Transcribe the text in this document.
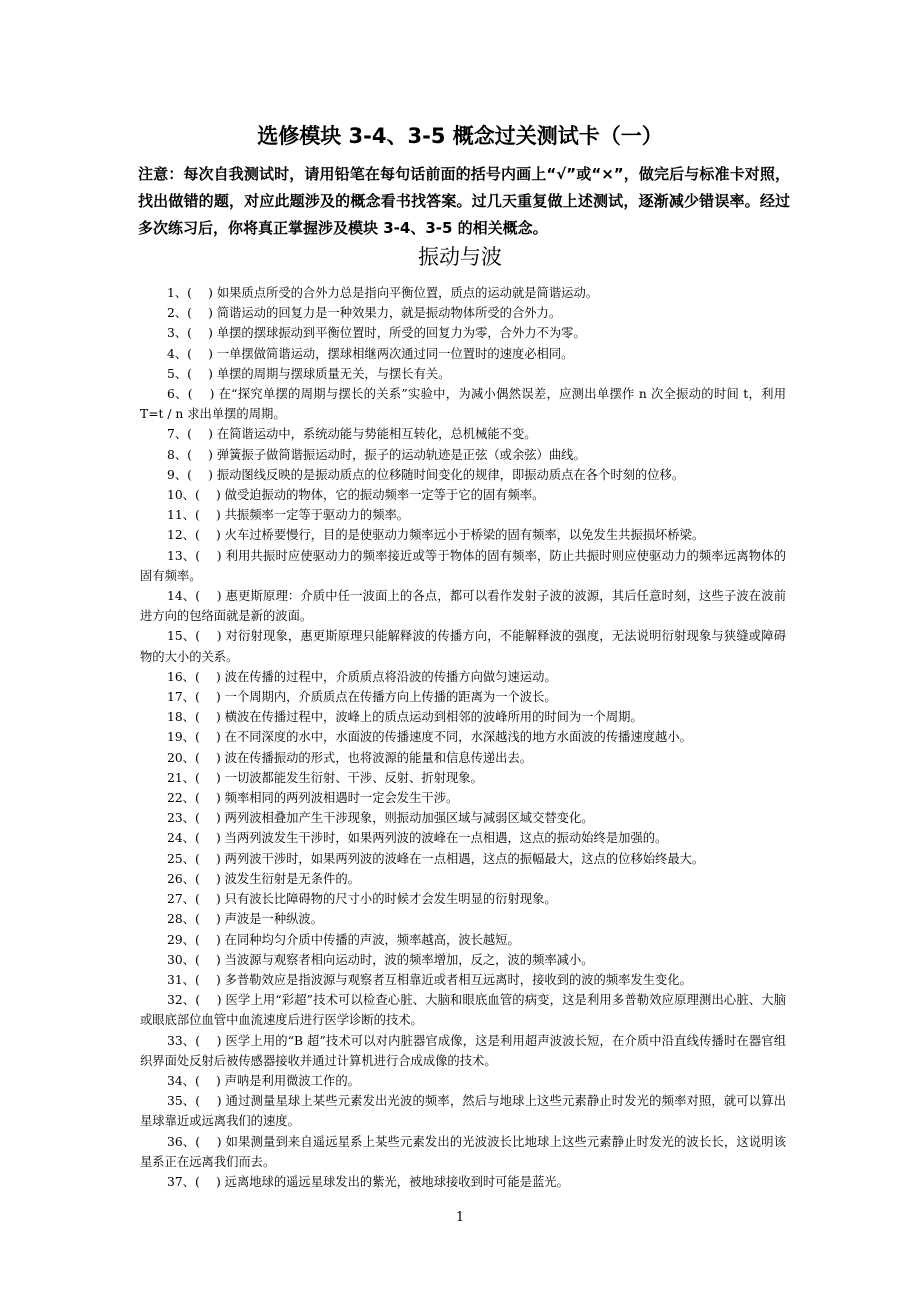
选修模块 3-4、3-5 概念过关测试卡（一）
注意：每次自我测试时，请用铅笔在每句话前面的括号内画上“√”或“×”，做完后与标准卡对照，找出做错的题，对应此题涉及的概念看书找答案。过几天重复做上述测试，逐渐减少错误率。经过多次练习后，你将真正掌握涉及模块 3-4、3-5 的相关概念。
振动与波

1、(　 ) 如果质点所受的合外力总是指向平衡位置，质点的运动就是简谐运动。

2、(　 ) 简谐运动的回复力是一种效果力，就是振动物体所受的合外力。

3、(　 ) 单摆的摆球振动到平衡位置时，所受的回复力为零，合外力不为零。

4、(　 ) 一单摆做简谐运动，摆球相继两次通过同一位置时的速度必相同。

5、(　 ) 单摆的周期与摆球质量无关，与摆长有关。

6、(　 ) 在“探究单摆的周期与摆长的关系”实验中，为减小偶然误差，应测出单摆作 n 次全振动的时间 t，利用 T=t / n 求出单摆的周期。

7、(　 ) 在简谐运动中，系统动能与势能相互转化，总机械能不变。

8、(　 ) 弹簧振子做简谐振运动时，振子的运动轨迹是正弦（或余弦）曲线。

9、(　 ) 振动图线反映的是振动质点的位移随时间变化的规律，即振动质点在各个时刻的位移。

10、(　 ) 做受迫振动的物体，它的振动频率一定等于它的固有频率。

11、(　 ) 共振频率一定等于驱动力的频率。

12、(　 ) 火车过桥要慢行，目的是使驱动力频率远小于桥梁的固有频率，以免发生共振损坏桥梁。

13、(　 ) 利用共振时应使驱动力的频率接近或等于物体的固有频率，防止共振时则应使驱动力的频率远离物体的固有频率。

14、(　 ) 惠更斯原理：介质中任一波面上的各点，都可以看作发射子波的波源，其后任意时刻，这些子波在波前进方向的包络面就是新的波面。

15、(　 ) 对衍射现象，惠更斯原理只能解释波的传播方向，不能解释波的强度，无法说明衍射现象与狭缝或障碍物的大小的关系。

16、(　 ) 波在传播的过程中，介质质点将沿波的传播方向做匀速运动。

17、(　 ) 一个周期内，介质质点在传播方向上传播的距离为一个波长。

18、(　 ) 横波在传播过程中，波峰上的质点运动到相邻的波峰所用的时间为一个周期。

19、(　 ) 在不同深度的水中，水面波的传播速度不同，水深越浅的地方水面波的传播速度越小。

20、(　 ) 波在传播振动的形式，也将波源的能量和信息传递出去。

21、(　 ) 一切波都能发生衍射、干涉、反射、折射现象。

22、(　 ) 频率相同的两列波相遇时一定会发生干涉。

23、(　 ) 两列波相叠加产生干涉现象，则振动加强区域与减弱区域交替变化。

24、(　 ) 当两列波发生干涉时，如果两列波的波峰在一点相遇，这点的振动始终是加强的。

25、(　 ) 两列波干涉时，如果两列波的波峰在一点相遇，这点的振幅最大，这点的位移始终最大。

26、(　 ) 波发生衍射是无条件的。

27、(　 ) 只有波长比障碍物的尺寸小的时候才会发生明显的衍射现象。

28、(　 ) 声波是一种纵波。

29、(　 ) 在同种均匀介质中传播的声波，频率越高，波长越短。

30、(　 ) 当波源与观察者相向运动时，波的频率增加，反之，波的频率减小。

31、(　 ) 多普勒效应是指波源与观察者互相靠近或者相互远离时，接收到的波的频率发生变化。

32、(　 ) 医学上用“彩超”技术可以检查心脏、大脑和眼底血管的病变，这是利用多普勒效应原理测出心脏、大脑或眼底部位血管中血流速度后进行医学诊断的技术。

33、(　 ) 医学上用的“B 超”技术可以对内脏器官成像，这是利用超声波波长短，在介质中沿直线传播时在器官组织界面处反射后被传感器接收并通过计算机进行合成成像的技术。

34、(　 ) 声呐是利用微波工作的。

35、(　 ) 通过测量星球上某些元素发出光波的频率，然后与地球上这些元素静止时发光的频率对照，就可以算出星球靠近或远离我们的速度。

36、(　 ) 如果测量到来自遥远星系上某些元素发出的光波波长比地球上这些元素静止时发光的波长长，这说明该星系正在远离我们而去。

37、(　 ) 远离地球的遥远星球发出的紫光，被地球接收到时可能是蓝光。

1
